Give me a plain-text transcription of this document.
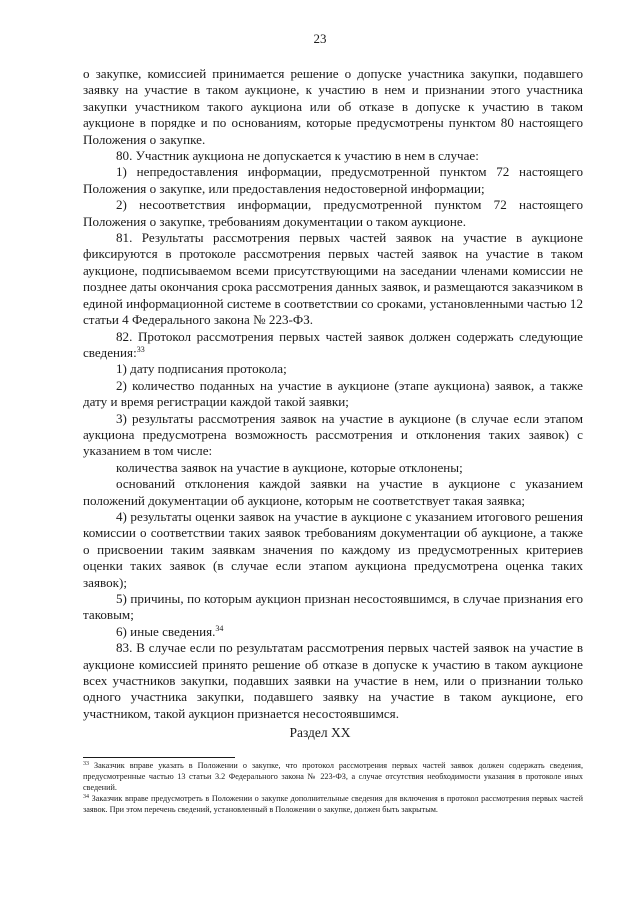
23

о закупке, комиссией принимается решение о допуске участника закупки, подавшего заявку на участие в таком аукционе, к участию в нем и признании этого участника закупки участником такого аукциона или об отказе в допуске к участию в таком аукционе в порядке и по основаниям, которые предусмотрены пунктом 80 настоящего Положения о закупке.

80. Участник аукциона не допускается к участию в нем в случае:

1) непредоставления информации, предусмотренной пунктом 72 настоящего Положения о закупке, или предоставления недостоверной информации;

2) несоответствия информации, предусмотренной пунктом 72 настоящего Положения о закупке, требованиям документации о таком аукционе.

81. Результаты рассмотрения первых частей заявок на участие в аукционе фиксируются в протоколе рассмотрения первых частей заявок на участие в таком аукционе, подписываемом всеми присутствующими на заседании членами комиссии не позднее даты окончания срока рассмотрения данных заявок, и размещаются заказчиком в единой информационной системе в соответствии со сроками, установленными частью 12 статьи 4 Федерального закона № 223-ФЗ.

82. Протокол рассмотрения первых частей заявок должен содержать следующие сведения:$^{33}$

1) дату подписания протокола;

2) количество поданных на участие в аукционе (этапе аукциона) заявок, а также дату и время регистрации каждой такой заявки;

3) результаты рассмотрения заявок на участие в аукционе (в случае если этапом аукциона предусмотрена возможность рассмотрения и отклонения таких заявок) с указанием в том числе:

количества заявок на участие в аукционе, которые отклонены;

оснований отклонения каждой заявки на участие в аукционе с указанием положений документации об аукционе, которым не соответствует такая заявка;

4) результаты оценки заявок на участие в аукционе с указанием итогового решения комиссии о соответствии таких заявок требованиям документации об аукционе, а также о присвоении таким заявкам значения по каждому из предусмотренных критериев оценки таких заявок (в случае если этапом аукциона предусмотрена оценка таких заявок);

5) причины, по которым аукцион признан несостоявшимся, в случае признания его таковым;

6) иные сведения.$^{34}$

83. В случае если по результатам рассмотрения первых частей заявок на участие в аукционе комиссией принято решение об отказе в допуске к участию в таком аукционе всех участников закупки, подавших заявки на участие в нем, или о признании только одного участника закупки, подавшего заявку на участие в таком аукционе, его участником, такой аукцион признается несостоявшимся.

Раздел XX

$^{33}$ Заказчик вправе указать в Положении о закупке, что протокол рассмотрения первых частей заявок должен содержать сведения, предусмотренные частью 13 статьи 3.2 Федерального закона № 223-ФЗ, а случае отсутствия необходимости указания в протоколе иных сведений.

$^{34}$ Заказчик вправе предусмотреть в Положении о закупке дополнительные сведения для включения в протокол рассмотрения первых частей заявок. При этом перечень сведений, установленный в Положении о закупке, должен быть закрытым.
